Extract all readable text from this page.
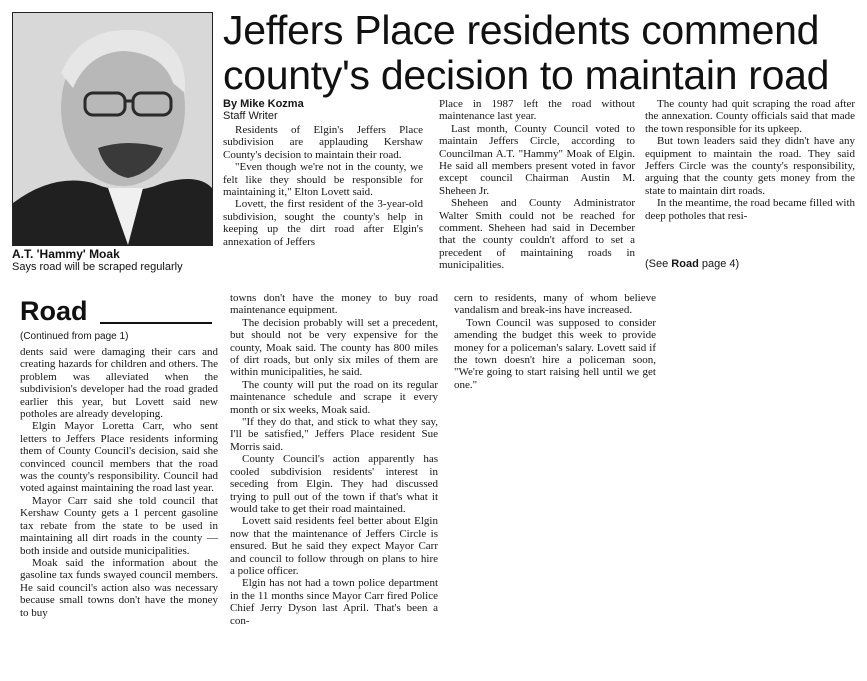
A.T. 'Hammy' Moak
Says road will be scraped regularly
Jeffers Place residents commend county's decision to maintain road
By Mike Kozma
Staff Writer

Residents of Elgin's Jeffers Place subdivision are applauding Kershaw County's decision to maintain their road.

"Even though we're not in the county, we felt like they should be responsible for maintaining it," Elton Lovett said.

Lovett, the first resident of the 3-year-old subdivision, sought the county's help in keeping up the dirt road after Elgin's annexation of Jeffers

Place in 1987 left the road without maintenance last year.

Last month, County Council voted to maintain Jeffers Circle, according to Councilman A.T. "Hammy" Moak of Elgin. He said all members present voted in favor except council Chairman Austin M. Sheheen Jr.

Sheheen and County Administrator Walter Smith could not be reached for comment. Sheheen had said in December that the county couldn't afford to set a precedent of maintaining roads in municipalities.

The county had quit scraping the road after the annexation. County officials said that made the town responsible for its upkeep.

But town leaders said they didn't have any equipment to maintain the road. They said Jeffers Circle was the county's responsibility, arguing that the county gets money from the state to maintain dirt roads.

In the meantime, the road became filled with deep potholes that resi-

(See Road page 4)
Road
(Continued from page 1)

dents said were damaging their cars and creating hazards for children and others. The problem was alleviated when the subdivision's developer had the road graded earlier this year, but Lovett said new potholes are already developing.

Elgin Mayor Loretta Carr, who sent letters to Jeffers Place residents informing them of County Council's decision, said she convinced council members that the road was the county's responsibility. Council had voted against maintaining the road last year.

Mayor Carr said she told council that Kershaw County gets a 1 percent gasoline tax rebate from the state to be used in maintaining all dirt roads in the county — both inside and outside municipalities.

Moak said the information about the gasoline tax funds swayed council members. He said council's action also was necessary because small towns don't have the money to buy

towns don't have the money to buy road maintenance equipment.

The decision probably will set a precedent, but should not be very expensive for the county, Moak said. The county has 800 miles of dirt roads, but only six miles of them are within municipalities, he said.

The county will put the road on its regular maintenance schedule and scrape it every month or six weeks, Moak said.

"If they do that, and stick to what they say, I'll be satisfied," Jeffers Place resident Sue Morris said.

County Council's action apparently has cooled subdivision residents' interest in seceding from Elgin. They had discussed trying to pull out of the town if that's what it would take to get their road maintained.

Lovett said residents feel better about Elgin now that the maintenance of Jeffers Circle is ensured. But he said they expect Mayor Carr and council to follow through on plans to hire a police officer.

Elgin has not had a town police department in the 11 months since Mayor Carr fired Police Chief Jerry Dyson last April. That's been a con-

cern to residents, many of whom believe vandalism and break-ins have increased.

Town Council was supposed to consider amending the budget this week to provide money for a policeman's salary. Lovett said if the town doesn't hire a policeman soon, "We're going to start raising hell until we get one."
